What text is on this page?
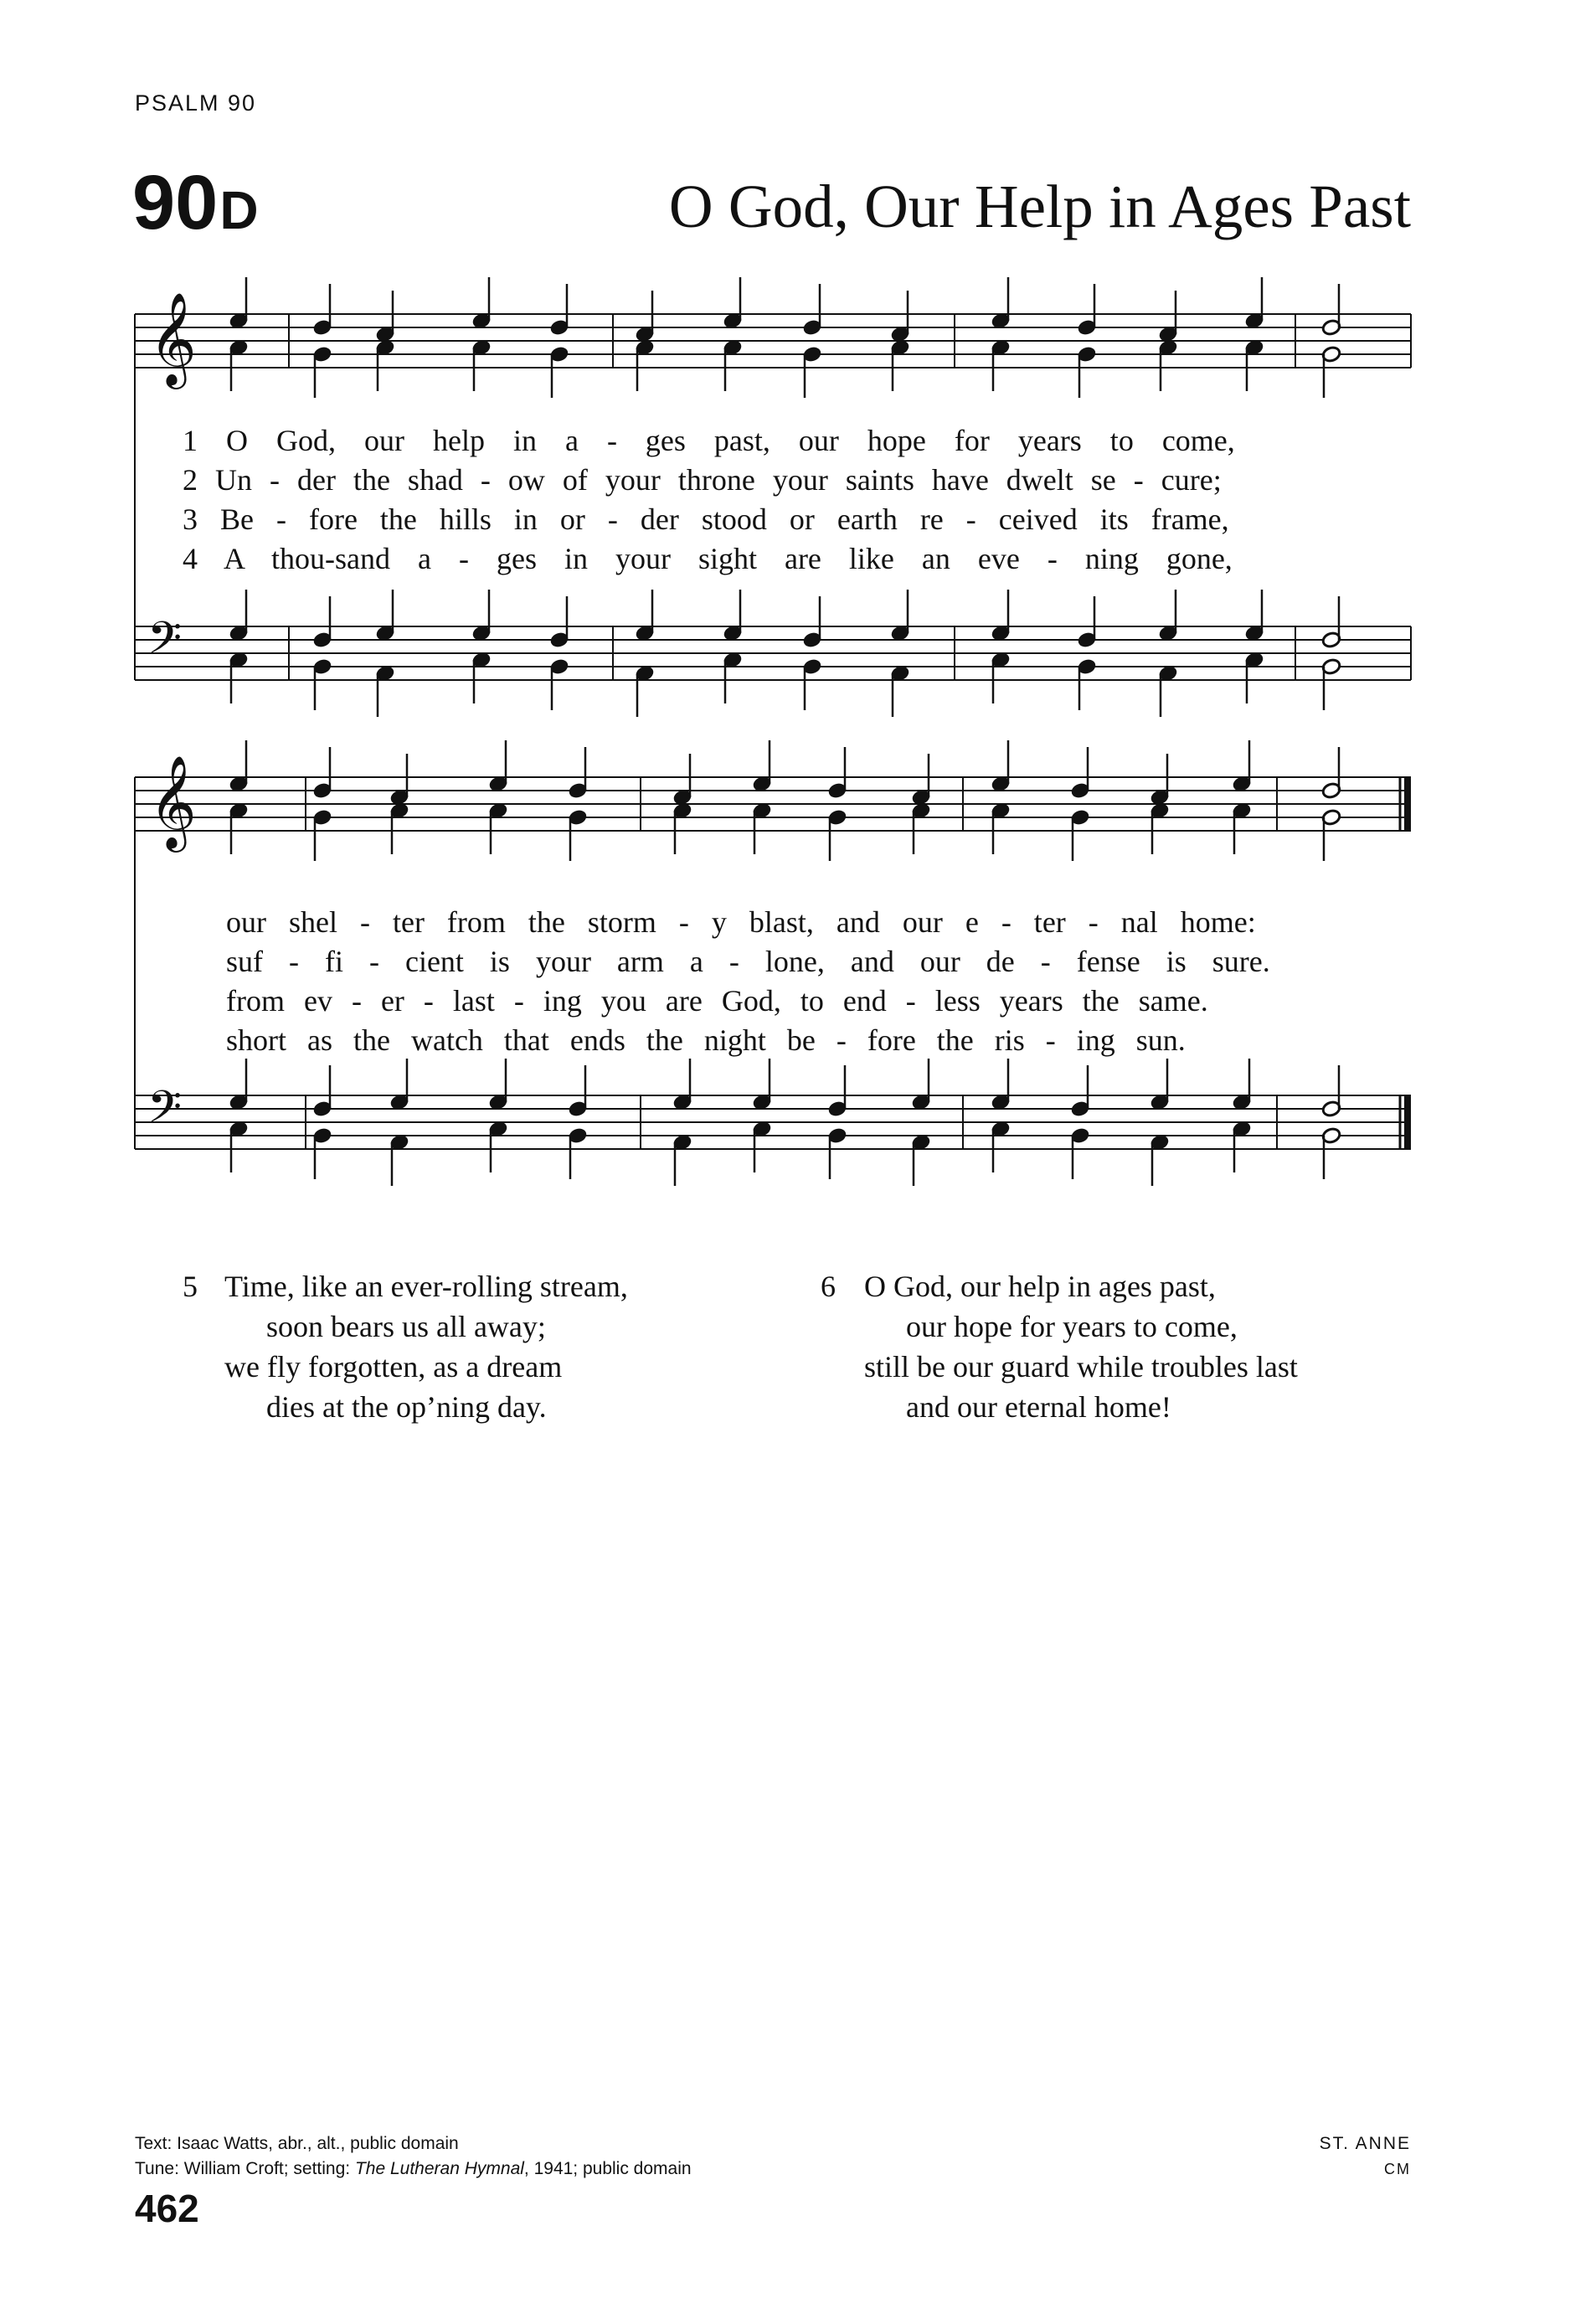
PSALM 90
90D	O God, Our Help in Ages Past
𝄞
𝄢
𝄞
𝄢
1 O God, our help in a - ges past, our hope for years to come,
2 Un - der the shad - ow of your throne your saints have dwelt se - cure;
3 Be - fore the hills in or - der stood or earth re - ceived its frame,
4 A thou-sand a - ges in your sight are like an eve - ning gone,
our shel - ter from the storm - y blast, and our e - ter - nal home:
suf - fi - cient is your arm a - lone, and our de - fense is sure.
from ev - er - last - ing you are God, to end - less years the same.
short as the watch that ends the night be - fore the ris - ing sun.
5 Time, like an ever-rolling stream,
soon bears us all away;
we fly forgotten, as a dream
dies at the op’ning day.
6 O God, our help in ages past,
our hope for years to come,
still be our guard while troubles last
and our eternal home!
Text: Isaac Watts, abr., alt., public domain
Tune: William Croft; setting: The Lutheran Hymnal, 1941; public domain
ST. ANNE
CM
462
